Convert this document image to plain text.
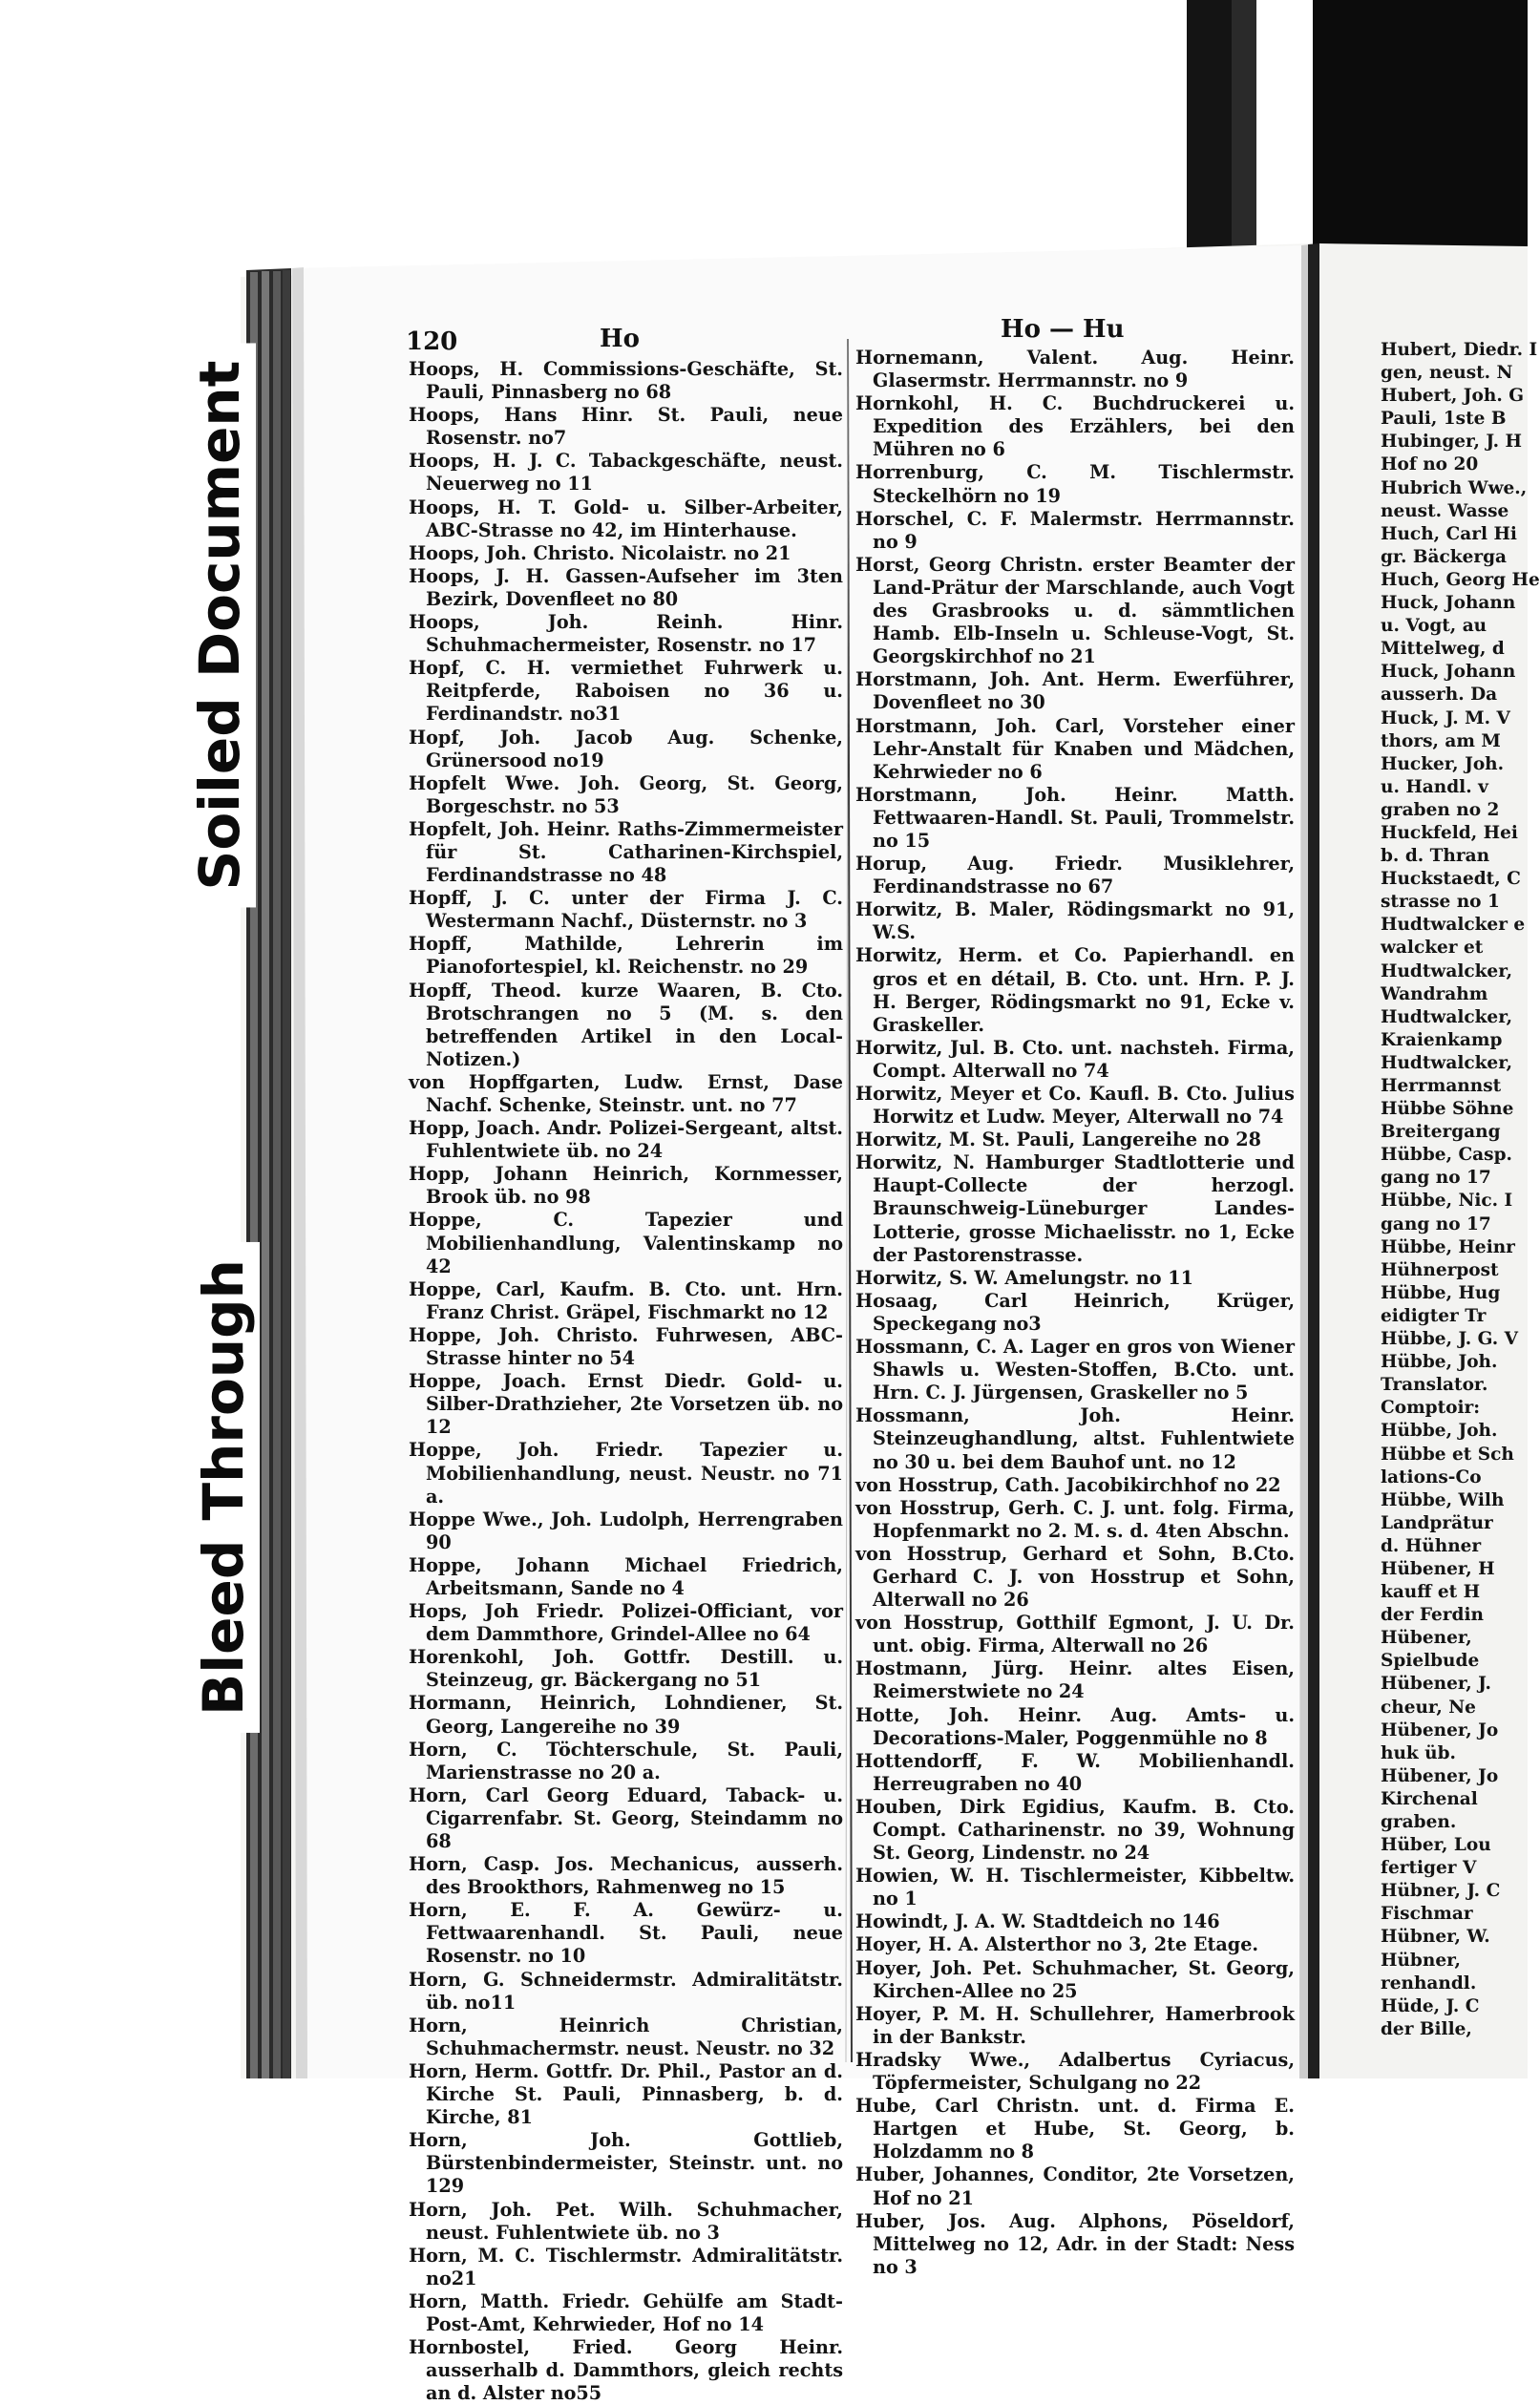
Soiled Document
Bleed Through
120	Ho	Ho — Hu

Hoops, H. Commissions-Geschäfte, St. Pauli, Pinnasberg no 68

Hoops, Hans Hinr. St. Pauli, neue Rosenstr. no7

Hoops, H. J. C. Tabackgeschäfte, neust. Neuerweg no 11

Hoops, H. T. Gold- u. Silber-Arbeiter, ABC-Strasse no 42, im Hinterhause.

Hoops, Joh. Christo. Nicolaistr. no 21

Hoops, J. H. Gassen-Aufseher im 3ten Bezirk, Dovenfleet no 80

Hoops, Joh. Reinh. Hinr. Schuhmachermeister, Rosenstr. no 17

Hopf, C. H. vermiethet Fuhrwerk u. Reitpferde, Raboisen no 36 u. Ferdinandstr. no31

Hopf, Joh. Jacob Aug. Schenke, Grünersood no19

Hopfelt Wwe. Joh. Georg, St. Georg, Borgeschstr. no 53

Hopfelt, Joh. Heinr. Raths-Zimmermeister für St. Catharinen-Kirchspiel, Ferdinandstrasse no 48

Hopff, J. C. unter der Firma J. C. Westermann Nachf., Düsternstr. no 3

Hopff, Mathilde, Lehrerin im Pianofortespiel, kl. Reichenstr. no 29

Hopff, Theod. kurze Waaren, B. Cto. Brotschrangen no 5 (M. s. den betreffenden Artikel in den Local-Notizen.)

von Hopffgarten, Ludw. Ernst, Dase Nachf. Schenke, Steinstr. unt. no 77

Hopp, Joach. Andr. Polizei-Sergeant, altst. Fuhlentwiete üb. no 24

Hopp, Johann Heinrich, Kornmesser, Brook üb. no 98

Hoppe, C. Tapezier und Mobilienhandlung, Valentinskamp no 42

Hoppe, Carl, Kaufm. B. Cto. unt. Hrn. Franz Christ. Gräpel, Fischmarkt no 12

Hoppe, Joh. Christo. Fuhrwesen, ABC-Strasse hinter no 54

Hoppe, Joach. Ernst Diedr. Gold- u. Silber-Drathzieher, 2te Vorsetzen üb. no 12

Hoppe, Joh. Friedr. Tapezier u. Mobilienhandlung, neust. Neustr. no 71 a.

Hoppe Wwe., Joh. Ludolph, Herrengraben 90

Hoppe, Johann Michael Friedrich, Arbeitsmann, Sande no 4

Hops, Joh Friedr. Polizei-Officiant, vor dem Dammthore, Grindel-Allee no 64

Horenkohl, Joh. Gottfr. Destill. u. Steinzeug, gr. Bäckergang no 51

Hormann, Heinrich, Lohndiener, St. Georg, Langereihe no 39

Horn, C. Töchterschule, St. Pauli, Marienstrasse no 20 a.

Horn, Carl Georg Eduard, Taback- u. Cigarrenfabr. St. Georg, Steindamm no 68

Horn, Casp. Jos. Mechanicus, ausserh. des Brookthors, Rahmenweg no 15

Horn, E. F. A. Gewürz- u. Fettwaarenhandl. St. Pauli, neue Rosenstr. no 10

Horn, G. Schneidermstr. Admiralitätstr. üb. no11

Horn, Heinrich Christian, Schuhmachermstr. neust. Neustr. no 32

Horn, Herm. Gottfr. Dr. Phil., Pastor an d. Kirche St. Pauli, Pinnasberg, b. d. Kirche, 81

Horn, Joh. Gottlieb, Bürstenbindermeister, Steinstr. unt. no 129

Horn, Joh. Pet. Wilh. Schuhmacher, neust. Fuhlentwiete üb. no 3

Horn, M. C. Tischlermstr. Admiralitätstr. no21

Horn, Matth. Friedr. Gehülfe am Stadt-Post-Amt, Kehrwieder, Hof no 14

Hornbostel, Fried. Georg Heinr. ausserhalb d. Dammthors, gleich rechts an d. Alster no55

Hornemann, Valent. Aug. Heinr. Glasermstr. Herrmannstr. no 9

Hornkohl, H. C. Buchdruckerei u. Expedition des Erzählers, bei den Mühren no 6

Horrenburg, C. M. Tischlermstr. Steckelhörn no 19

Horschel, C. F. Malermstr. Herrmannstr. no 9

Horst, Georg Christn. erster Beamter der Land-Prätur der Marschlande, auch Vogt des Grasbrooks u. d. sämmtlichen Hamb. Elb-Inseln u. Schleuse-Vogt, St. Georgskirchhof no 21

Horstmann, Joh. Ant. Herm. Ewerführer, Dovenfleet no 30

Horstmann, Joh. Carl, Vorsteher einer Lehr-Anstalt für Knaben und Mädchen, Kehrwieder no 6

Horstmann, Joh. Heinr. Matth. Fettwaaren-Handl. St. Pauli, Trommelstr. no 15

Horup, Aug. Friedr. Musiklehrer, Ferdinandstrasse no 67

Horwitz, B. Maler, Rödingsmarkt no 91, W.S.

Horwitz, Herm. et Co. Papierhandl. en gros et en détail, B. Cto. unt. Hrn. P. J. H. Berger, Rödingsmarkt no 91, Ecke v. Graskeller.

Horwitz, Jul. B. Cto. unt. nachsteh. Firma, Compt. Alterwall no 74

Horwitz, Meyer et Co. Kaufl. B. Cto. Julius Horwitz et Ludw. Meyer, Alterwall no 74

Horwitz, M. St. Pauli, Langereihe no 28

Horwitz, N. Hamburger Stadtlotterie und Haupt-Collecte der herzogl. Braunschweig-Lüneburger Landes-Lotterie, grosse Michaelisstr. no 1, Ecke der Pastorenstrasse.

Horwitz, S. W. Amelungstr. no 11

Hosaag, Carl Heinrich, Krüger, Speckegang no3

Hossmann, C. A. Lager en gros von Wiener Shawls u. Westen-Stoffen, B.Cto. unt. Hrn. C. J. Jürgensen, Graskeller no 5

Hossmann, Joh. Heinr. Steinzeughandlung, altst. Fuhlentwiete no 30 u. bei dem Bauhof unt. no 12

von Hosstrup, Cath. Jacobikirchhof no 22

von Hosstrup, Gerh. C. J. unt. folg. Firma, Hopfenmarkt no 2. M. s. d. 4ten Abschn.

von Hosstrup, Gerhard et Sohn, B.Cto. Gerhard C. J. von Hosstrup et Sohn, Alterwall no 26

von Hosstrup, Gotthilf Egmont, J. U. Dr. unt. obig. Firma, Alterwall no 26

Hostmann, Jürg. Heinr. altes Eisen, Reimerstwiete no 24

Hotte, Joh. Heinr. Aug. Amts- u. Decorations-Maler, Poggenmühle no 8

Hottendorff, F. W. Mobilienhandl. Herreugraben no 40

Houben, Dirk Egidius, Kaufm. B. Cto. Compt. Catharinenstr. no 39, Wohnung St. Georg, Lindenstr. no 24

Howien, W. H. Tischlermeister, Kibbeltw. no 1

Howindt, J. A. W. Stadtdeich no 146

Hoyer, H. A. Alsterthor no 3, 2te Etage.

Hoyer, Joh. Pet. Schuhmacher, St. Georg, Kirchen-Allee no 25

Hoyer, P. M. H. Schullehrer, Hamerbrook in der Bankstr.

Hradsky Wwe., Adalbertus Cyriacus, Töpfermeister, Schulgang no 22

Hube, Carl Christn. unt. d. Firma E. Hartgen et Hube, St. Georg, b. Holzdamm no 8

Huber, Johannes, Conditor, 2te Vorsetzen, Hof no 21

Huber, Jos. Aug. Alphons, Pöseldorf, Mittelweg no 12, Adr. in der Stadt: Ness no 3

Hubert, Diedr. I

gen, neust. N

Hubert, Joh. G

Pauli, 1ste B

Hubinger, J. H

Hof no 20

Hubrich Wwe.,

neust. Wasse

Huch, Carl Hi

gr. Bäckerga

Huch, Georg He

Huck, Johann

u. Vogt, au

Mittelweg, d

Huck, Johann

ausserh. Da

Huck, J. M. V

thors, am M

Hucker, Joh.

u. Handl. v

graben no 2

Huckfeld, Hei

b. d. Thran

Huckstaedt, C

strasse no 1

Hudtwalcker e

walcker et

Hudtwalcker,

Wandrahm

Hudtwalcker,

Kraienkamp

Hudtwalcker,

Herrmannst

Hübbe Söhne

Breitergang

Hübbe, Casp.

gang no 17

Hübbe, Nic. I

gang no 17

Hübbe, Heinr

Hühnerpost

Hübbe, Hug

eidigter Tr

Hübbe, J. G. V

Hübbe, Joh.

Translator.

Comptoir:

Hübbe, Joh.

Hübbe et Sch

lations-Co

Hübbe, Wilh

Landprätur

d. Hühner

Hübener, H

kauff et H

der Ferdin

Hübener,

Spielbude

Hübener, J.

cheur, Ne

Hübener, Jo

huk üb.

Hübener, Jo

Kirchenal

graben.

Hüber, Lou

fertiger V

Hübner, J. C

Fischmar

Hübner, W.

Hübner,

renhandl.

Hüde, J. C

der Bille,
